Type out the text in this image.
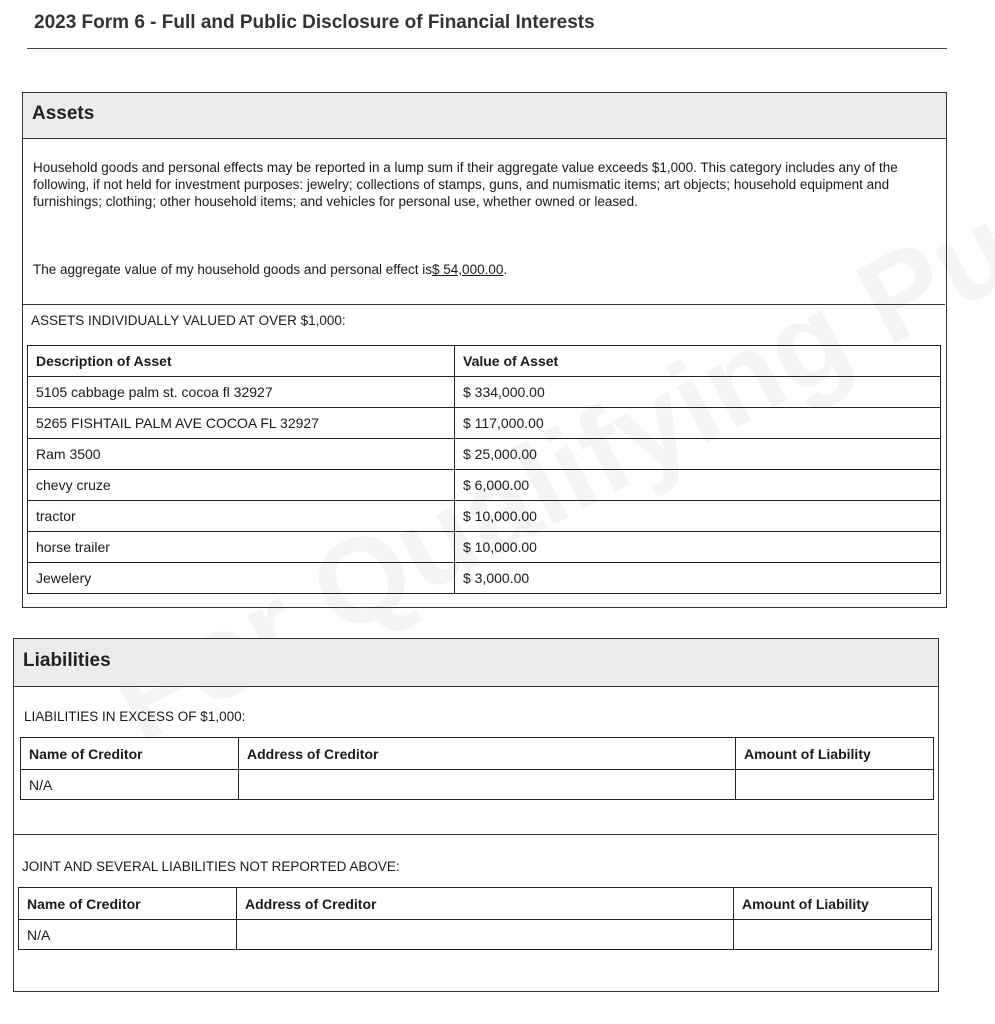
2023 Form 6 - Full and Public Disclosure of Financial Interests
Assets
Household goods and personal effects may be reported in a lump sum if their aggregate value exceeds $1,000. This category includes any of the following, if not held for investment purposes: jewelry; collections of stamps, guns, and numismatic items; art objects; household equipment and furnishings; clothing; other household items; and vehicles for personal use, whether owned or leased.
The aggregate value of my household goods and personal effect is$ 54,000.00.
ASSETS INDIVIDUALLY VALUED AT OVER $1,000:
Description of Asset	Value of Asset
5105 cabbage palm st. cocoa fl 32927	$ 334,000.00
5265 FISHTAIL PALM AVE COCOA FL 32927	$ 117,000.00
Ram 3500	$ 25,000.00
chevy cruze	$ 6,000.00
tractor	$ 10,000.00
horse trailer	$ 10,000.00
Jewelery	$ 3,000.00
Liabilities
LIABILITIES IN EXCESS OF $1,000:
Name of Creditor	Address of Creditor	Amount of Liability
N/A		
JOINT AND SEVERAL LIABILITIES NOT REPORTED ABOVE:
Name of Creditor	Address of Creditor	Amount of Liability
N/A		
